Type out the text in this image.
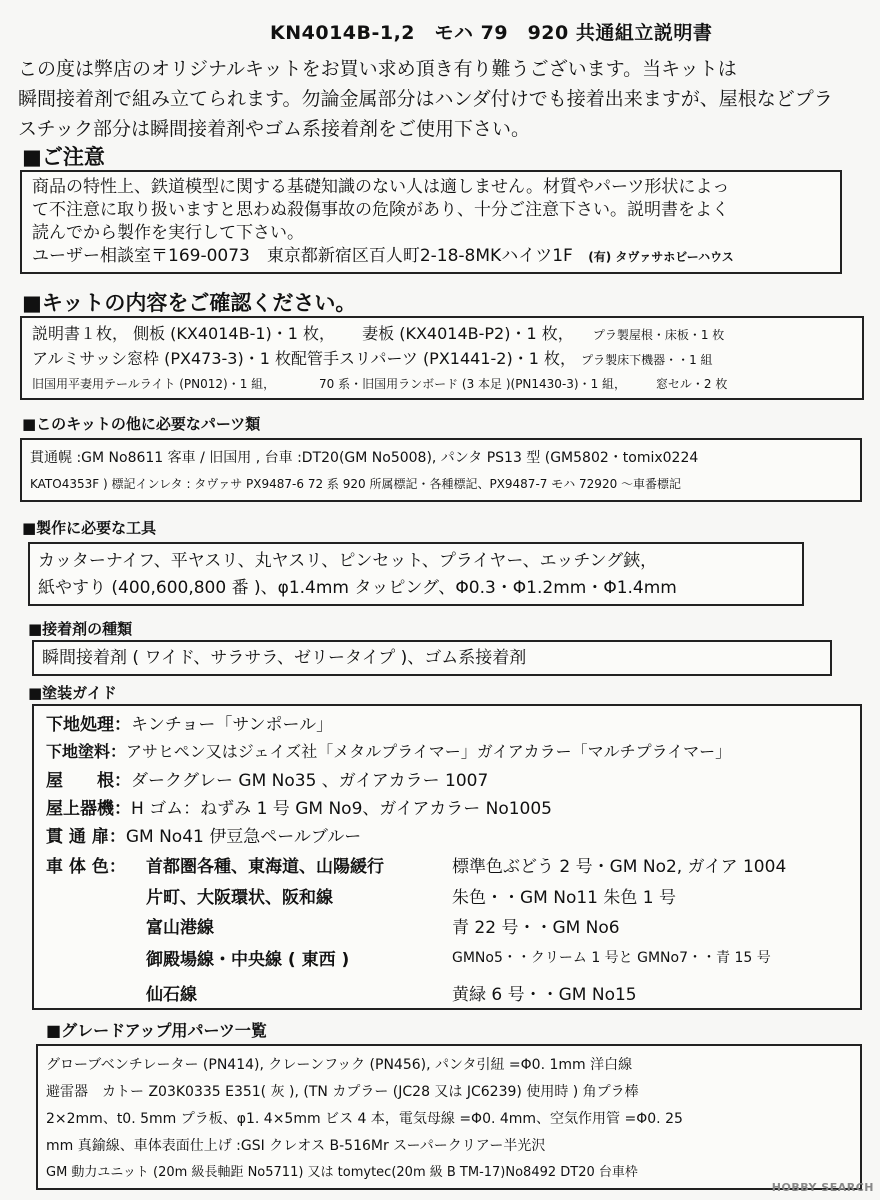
KN4014B-1,2　モハ 79　920 共通組立説明書
この度は弊店のオリジナルキットをお買い求め頂き有り難うございます。当キットは
瞬間接着剤で組み立てられます。勿論金属部分はハンダ付けでも接着出来ますが、屋根などプラ
スチック部分は瞬間接着剤やゴム系接着剤をご使用下さい。
■ご注意
商品の特性上、鉄道模型に関する基礎知識のない人は適しません。材質やパーツ形状によっ
て不注意に取り扱いますと思わぬ殺傷事故の危険があり、十分ご注意下さい。説明書をよく
読んでから製作を実行して下さい。
ユーザー相談室〒169-0073　東京都新宿区百人町2-18-8MKハイツ1F (有) タヴァサホビーハウス
■キットの内容をご確認ください。
説明書１枚， 側板 (KX4014B-1)・1 枚， 妻板 (KX4014B-P2)・1 枚， プラ製屋根・床板・1 枚
アルミサッシ窓枠 (PX473-3)・1 枚配管手スリパーツ (PX1441-2)・1 枚， プラ製床下機器・・1 組
旧国用平妻用テールライト (PN012)・1 組，	70 系・旧国用ランボード (3 本足 )(PN1430-3)・1 組， 窓セル・2 枚
■このキットの他に必要なパーツ類
貫通幌 :GM No8611 客車 / 旧国用 , 台車 :DT20(GM No5008), パンタ PS13 型 (GM5802・tomix0224
KATO4353F ) 標記インレタ : タヴァサ PX9487-6 72 系 920 所属標記・各種標記、PX9487-7 モハ 72920 〜車番標記
■製作に必要な工具
カッターナイフ、平ヤスリ、丸ヤスリ、ピンセット、プライヤー、エッチング鋏，
紙やすり (400,600,800 番 )、φ1.4mm タッピング、Φ0.3・Φ1.2mm・Φ1.4mm
■接着剤の種類
瞬間接着剤 ( ワイド、サラサラ、ゼリータイプ )、ゴム系接着剤
■塗装ガイド
下地処理：キンチョー「サンポール」
下地塗料：アサヒペン又はジェイズ社「メタルプライマー」ガイアカラー「マルチプライマー」
屋　　根：ダークグレー GM No35 、ガイアカラー 1007
屋上器機：H ゴム：ねずみ 1 号 GM No9、ガイアカラー No1005
貫 通 扉：GM No41 伊豆急ペールブルー
車 体 色： 首都圏各種、東海道、山陽緩行	標準色ぶどう 2 号・GM No2, ガイア 1004
片町、大阪環状、阪和線	朱色・・GM No11 朱色 1 号
富山港線	青 22 号・・GM No6
御殿場線・中央線 ( 東西 )	GMNo5・・クリーム 1 号と GMNo7・・青 15 号
仙石線	黄緑 6 号・・GM No15
■グレードアップ用パーツ一覧
グローブベンチレーター (PN414), クレーンフック (PN456), パンタ引紐 =Φ0. 1mm 洋白線
避雷器　カトー Z03K0335 E351( 灰 ), (TN カプラー (JC28 又は JC6239) 使用時 ) 角プラ棒
2×2mm、t0. 5mm プラ板、φ1. 4×5mm ビス 4 本，電気母線 =Φ0. 4mm、空気作用管 =Φ0. 25
mm 真鍮線、車体表面仕上げ :GSI クレオス B-516Mr スーパークリアー半光沢
GM 動力ユニット (20m 級長軸距 No5711) 又は tomytec(20m 級 B TM-17)No8492 DT20 台車枠
HOBBY SEARCH
